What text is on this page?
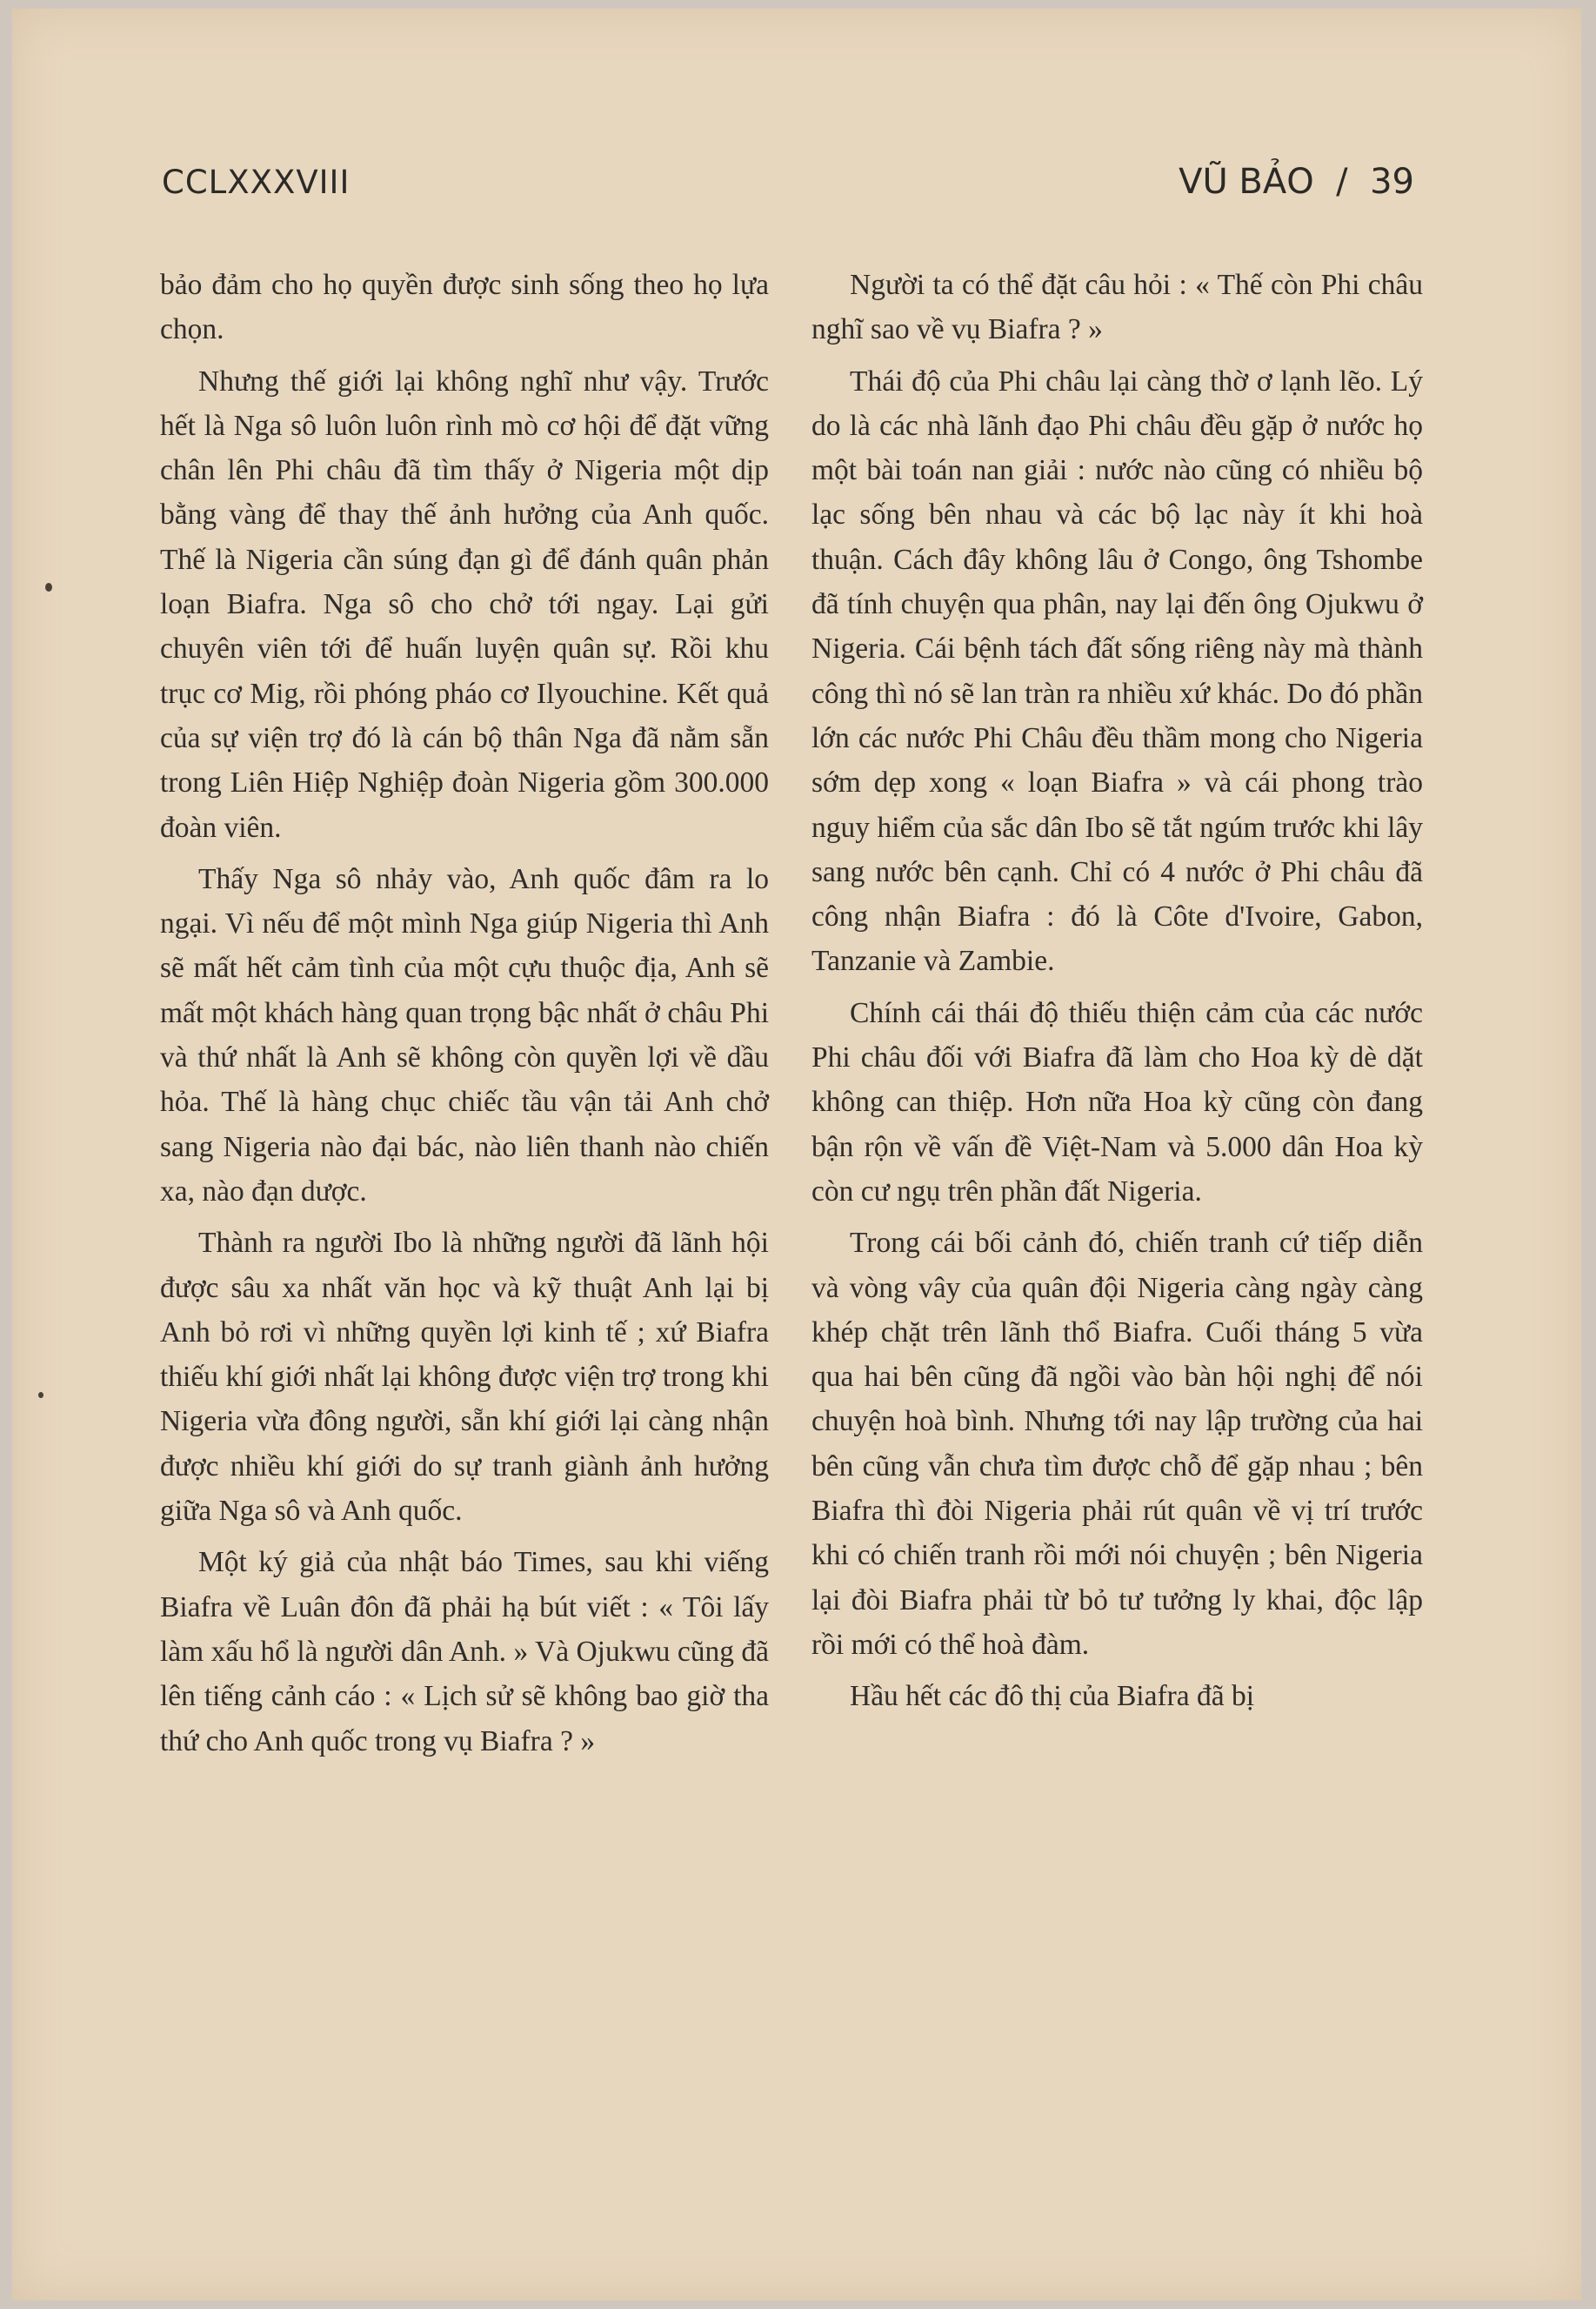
CCLXXXVIII	VŨ BẢO / 39

bảo đảm cho họ quyền được sinh sống theo họ lựa chọn.

Nhưng thế giới lại không nghĩ như vậy. Trước hết là Nga sô luôn luôn rình mò cơ hội để đặt vững chân lên Phi châu đã tìm thấy ở Nigeria một dịp bằng vàng để thay thế ảnh hưởng của Anh quốc. Thế là Nigeria cần súng đạn gì để đánh quân phản loạn Biafra. Nga sô cho chở tới ngay. Lại gửi chuyên viên tới để huấn luyện quân sự. Rồi khu trục cơ Mig, rồi phóng pháo cơ Ilyouchine. Kết quả của sự viện trợ đó là cán bộ thân Nga đã nằm sẵn trong Liên Hiệp Nghiệp đoàn Nigeria gồm 300.000 đoàn viên.

Thấy Nga sô nhảy vào, Anh quốc đâm ra lo ngại. Vì nếu để một mình Nga giúp Nigeria thì Anh sẽ mất hết cảm tình của một cựu thuộc địa, Anh sẽ mất một khách hàng quan trọng bậc nhất ở châu Phi và thứ nhất là Anh sẽ không còn quyền lợi về dầu hỏa. Thế là hàng chục chiếc tầu vận tải Anh chở sang Nigeria nào đại bác, nào liên thanh nào chiến xa, nào đạn dược.

Thành ra người Ibo là những người đã lãnh hội được sâu xa nhất văn học và kỹ thuật Anh lại bị Anh bỏ rơi vì những quyền lợi kinh tế ; xứ Biafra thiếu khí giới nhất lại không được viện trợ trong khi Nigeria vừa đông người, sẵn khí giới lại càng nhận được nhiều khí giới do sự tranh giành ảnh hưởng giữa Nga sô và Anh quốc.

Một ký giả của nhật báo Times, sau khi viếng Biafra về Luân đôn đã phải hạ bút viết : « Tôi lấy làm xấu hổ là người dân Anh. » Và Ojukwu cũng đã lên tiếng cảnh cáo : « Lịch sử sẽ không bao giờ tha thứ cho Anh quốc trong vụ Biafra ? »

Người ta có thể đặt câu hỏi : « Thế còn Phi châu nghĩ sao về vụ Biafra ? »

Thái độ của Phi châu lại càng thờ ơ lạnh lẽo. Lý do là các nhà lãnh đạo Phi châu đều gặp ở nước họ một bài toán nan giải : nước nào cũng có nhiều bộ lạc sống bên nhau và các bộ lạc này ít khi hoà thuận. Cách đây không lâu ở Congo, ông Tshombe đã tính chuyện qua phân, nay lại đến ông Ojukwu ở Nigeria. Cái bệnh tách đất sống riêng này mà thành công thì nó sẽ lan tràn ra nhiều xứ khác. Do đó phần lớn các nước Phi Châu đều thầm mong cho Nigeria sớm dẹp xong « loạn Biafra » và cái phong trào nguy hiểm của sắc dân Ibo sẽ tắt ngúm trước khi lây sang nước bên cạnh. Chỉ có 4 nước ở Phi châu đã công nhận Biafra : đó là Côte d'Ivoire, Gabon, Tanzanie và Zambie.

Chính cái thái độ thiếu thiện cảm của các nước Phi châu đối với Biafra đã làm cho Hoa kỳ dè dặt không can thiệp. Hơn nữa Hoa kỳ cũng còn đang bận rộn về vấn đề Việt-Nam và 5.000 dân Hoa kỳ còn cư ngụ trên phần đất Nigeria.

Trong cái bối cảnh đó, chiến tranh cứ tiếp diễn và vòng vây của quân đội Nigeria càng ngày càng khép chặt trên lãnh thổ Biafra. Cuối tháng 5 vừa qua hai bên cũng đã ngồi vào bàn hội nghị để nói chuyện hoà bình. Nhưng tới nay lập trường của hai bên cũng vẫn chưa tìm được chỗ để gặp nhau ; bên Biafra thì đòi Nigeria phải rút quân về vị trí trước khi có chiến tranh rồi mới nói chuyện ; bên Nigeria lại đòi Biafra phải từ bỏ tư tưởng ly khai, độc lập rồi mới có thể hoà đàm.

Hầu hết các đô thị của Biafra đã bị
